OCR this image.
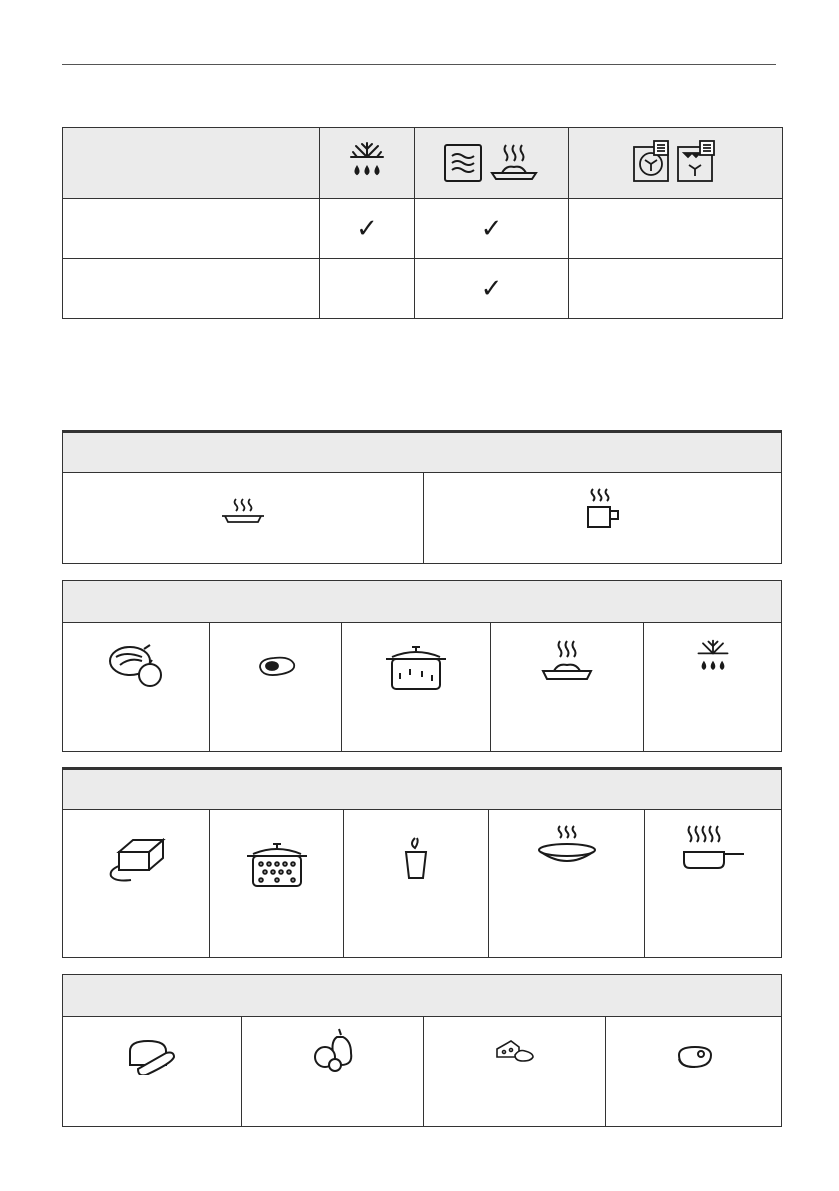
	✓	✓	
		✓	
